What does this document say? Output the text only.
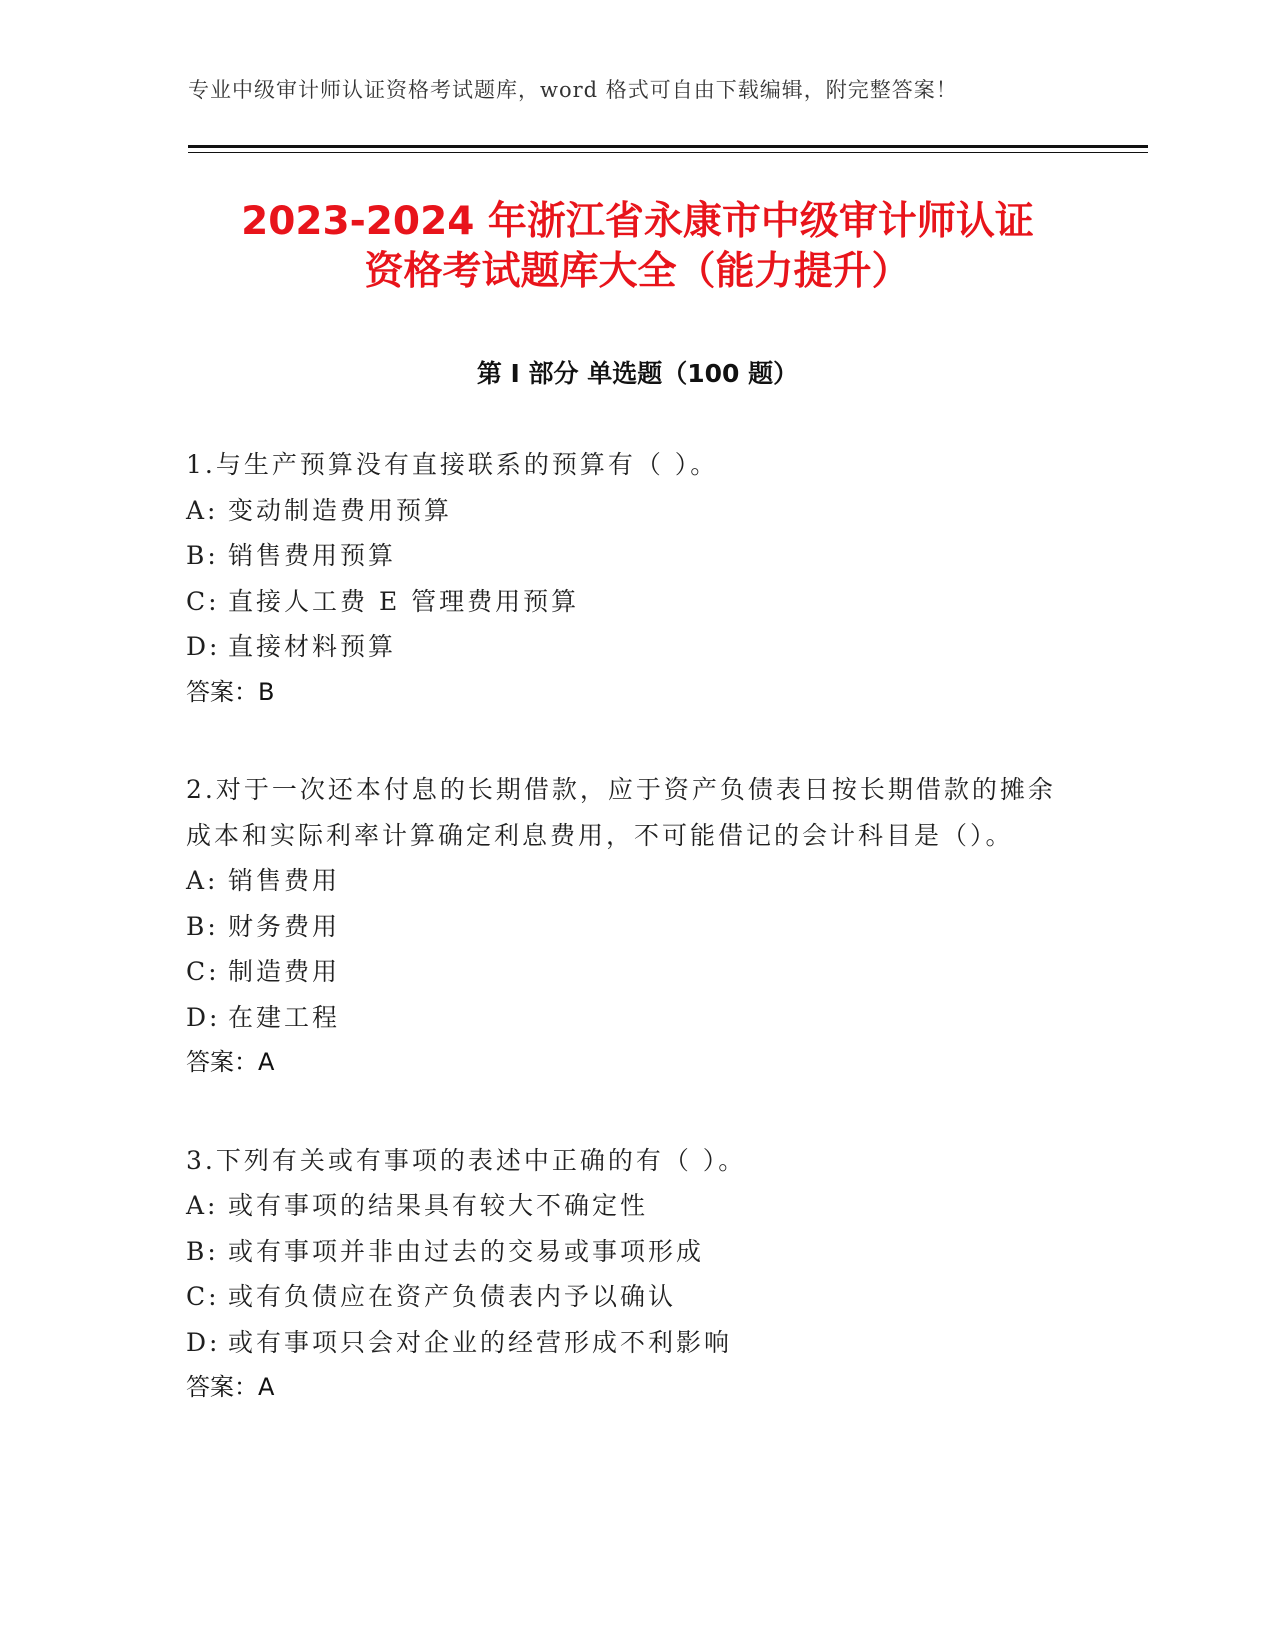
专业中级审计师认证资格考试题库，word 格式可自由下载编辑，附完整答案！
2023-2024 年浙江省永康市中级审计师认证
资格考试题库大全（能力提升）
第 I 部分 单选题（100 题）
1.与生产预算没有直接联系的预算有（ ）。
A: 变动制造费用预算
B: 销售费用预算
C: 直接人工费 E 管理费用预算
D: 直接材料预算
答案：B
2.对于一次还本付息的长期借款，应于资产负债表日按长期借款的摊余成本和实际利率计算确定利息费用，不可能借记的会计科目是（）。
A: 销售费用
B: 财务费用
C: 制造费用
D: 在建工程
答案：A
3.下列有关或有事项的表述中正确的有（ ）。
A: 或有事项的结果具有较大不确定性
B: 或有事项并非由过去的交易或事项形成
C: 或有负债应在资产负债表内予以确认
D: 或有事项只会对企业的经营形成不利影响
答案：A
